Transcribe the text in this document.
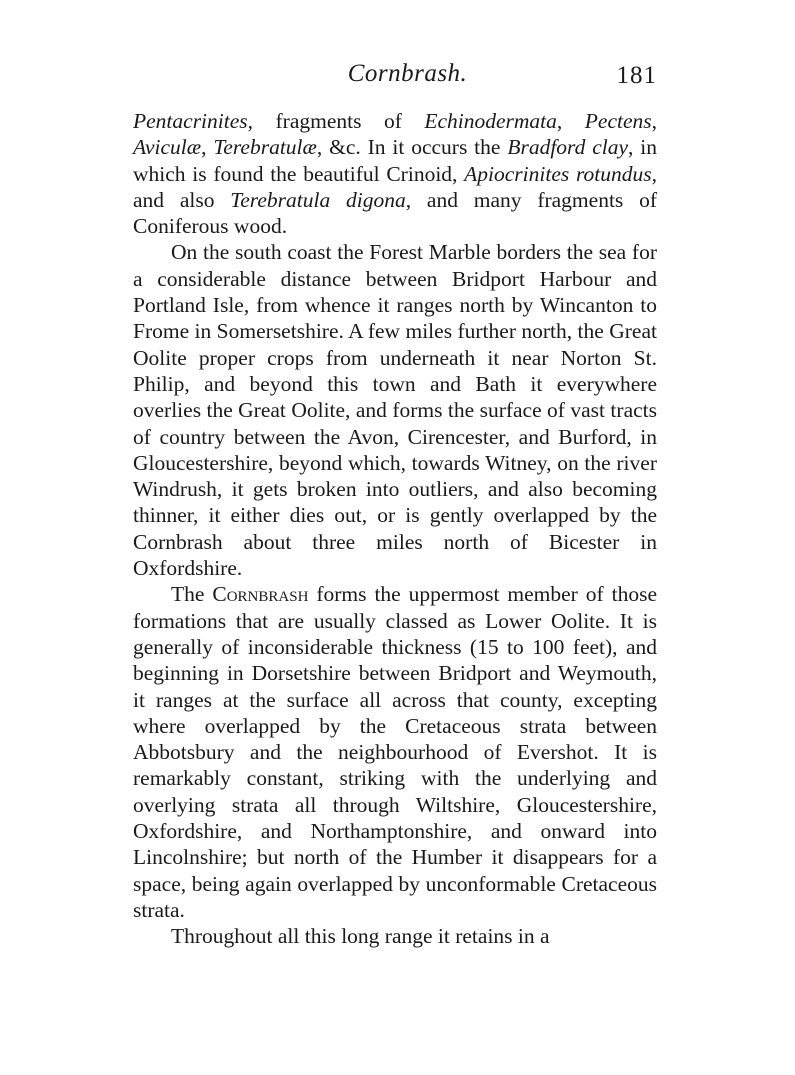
Cornbrash.	181

Pentacrinites, fragments of Echinodermata, Pectens, Aviculæ, Terebratulæ, &c. In it occurs the Bradford clay, in which is found the beautiful Crinoid, Apiocrinites rotundus, and also Terebratula digona, and many fragments of Coniferous wood.

On the south coast the Forest Marble borders the sea for a considerable distance between Bridport Harbour and Portland Isle, from whence it ranges north by Wincanton to Frome in Somersetshire. A few miles further north, the Great Oolite proper crops from underneath it near Norton St. Philip, and beyond this town and Bath it everywhere overlies the Great Oolite, and forms the surface of vast tracts of country between the Avon, Cirencester, and Burford, in Gloucestershire, beyond which, towards Witney, on the river Windrush, it gets broken into outliers, and also becoming thinner, it either dies out, or is gently overlapped by the Cornbrash about three miles north of Bicester in Oxfordshire.

The Cornbrash forms the uppermost member of those formations that are usually classed as Lower Oolite. It is generally of inconsiderable thickness (15 to 100 feet), and beginning in Dorsetshire between Bridport and Weymouth, it ranges at the surface all across that county, excepting where overlapped by the Cretaceous strata between Abbotsbury and the neighbourhood of Evershot. It is remarkably constant, striking with the underlying and overlying strata all through Wiltshire, Gloucestershire, Oxfordshire, and Northamptonshire, and onward into Lincolnshire; but north of the Humber it disappears for a space, being again overlapped by unconformable Cretaceous strata.

Throughout all this long range it retains in a
